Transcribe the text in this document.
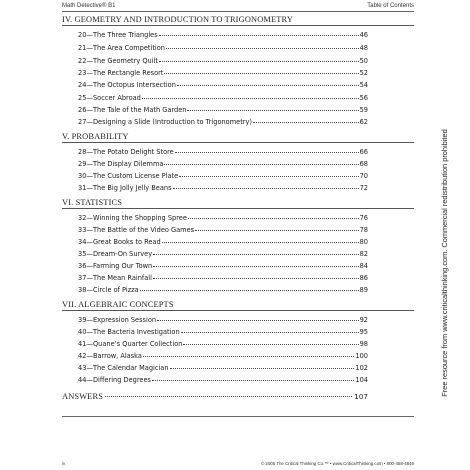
Math Detective® B1	Table of Contents
IV. GEOMETRY AND INTRODUCTION TO TRIGONOMETRY
20—The Three Triangles	46
21—The Area Competition	48
22—The Geometry Quilt	50
23—The Rectangle Resort	52
24—The Octopus Intersection	54
25—Soccer Abroad	56
26—The Tale of the Math Garden	59
27—Designing a Slide (Introduction to Trigonometry)	62
V. PROBABILITY
28—The Potato Delight Store	66
29—The Display Dilemma	68
30—The Custom License Plate	70
31—The Big Jolly Jelly Beans	72
VI. STATISTICS
32—Winning the Shopping Spree	76
33—The Battle of the Video Games	78
34—Great Books to Read	80
35—Dream-On Survey	82
36—Farming Our Town	84
37—The Mean Rainfall	86
38—Circle of Pizza	89
VII. ALGEBRAIC CONCEPTS
39—Expression Session	92
40—The Bacteria Investigation	95
41—Quane’s Quarter Collection	98
42—Barrow, Alaska	100
43—The Calendar Magician	102
44—Differing Degrees	104
ANSWERS	107
iv	© 2005 The Critical Thinking Co.™ • www.CriticalThinking.com • 800-458-4849
Free resource from www.criticalthinking.com. Commercial redistribution prohibited
